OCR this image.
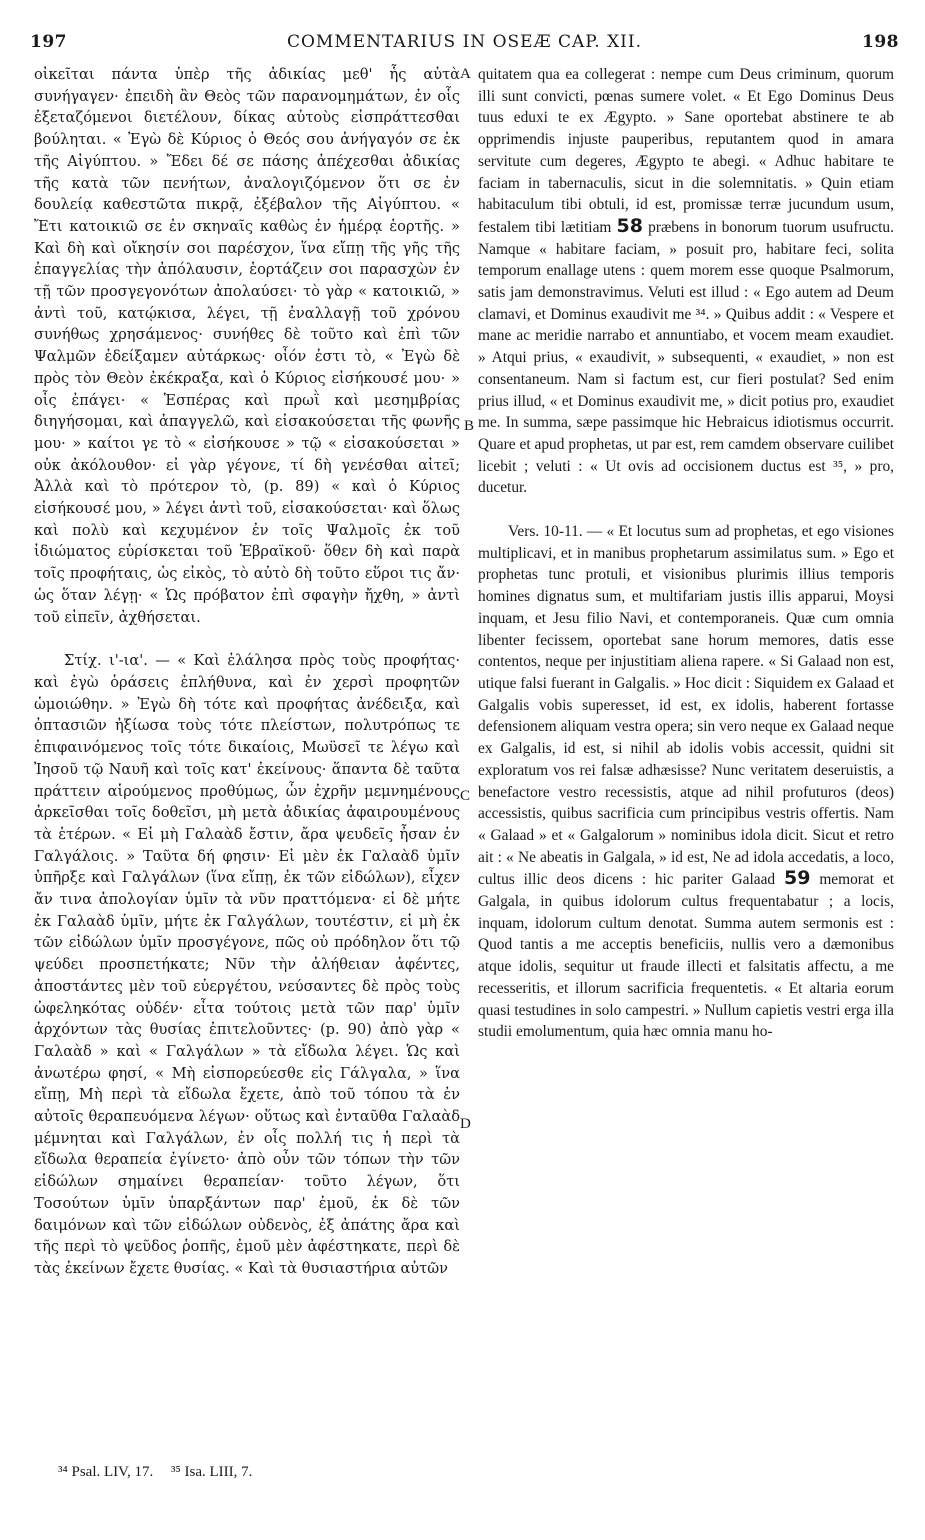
197	COMMENTARIUS IN OSEÆ CAP. XII.	198

οἰκεῖται πάντα ὑπὲρ τῆς ἀδικίας μεθ' ἧς αὐτὰ συνήγαγεν· ἐπειδὴ ἂν Θεὸς τῶν παρανομημάτων, ἐν οἷς ἐξεταζόμενοι διετέλουν, δίκας αὐτοὺς εἰσπράττεσθαι βούληται. « Ἐγὼ δὲ Κύριος ὁ Θεός σου ἀνήγαγόν σε ἐκ τῆς Αἰγύπτου. » Ἔδει δέ σε πάσης ἀπέχεσθαι ἀδικίας τῆς κατὰ τῶν πενήτων, ἀναλογιζόμενον ὅτι σε ἐν δουλείᾳ καθεστῶτα πικρᾷ, ἐξέβαλον τῆς Αἰγύπτου. « Ἔτι κατοικιῶ σε ἐν σκηναῖς καθὼς ἐν ἡμέρᾳ ἑορτῆς. » Καὶ δὴ καὶ οἴκησίν σοι παρέσχον, ἵνα εἴπῃ τῆς γῆς τῆς ἐπαγγελίας τὴν ἀπόλαυσιν, ἑορτάζειν σοι παρασχὼν ἐν τῇ τῶν προσγεγονότων ἀπολαύσει· τὸ γὰρ « κατοικιῶ, » ἀντὶ τοῦ, κατῴκισα, λέγει, τῇ ἐναλλαγῇ τοῦ χρόνου συνήθως χρησάμενος· συνήθες δὲ τοῦτο καὶ ἐπὶ τῶν Ψαλμῶν ἐδείξαμεν αὐτάρκως· οἷόν ἐστι τὸ, « Ἐγὼ δὲ πρὸς τὸν Θεὸν ἐκέκραξα, καὶ ὁ Κύριος εἰσήκουσέ μου· » οἷς ἐπάγει· « Ἑσπέρας καὶ πρωῒ καὶ μεσημβρίας διηγήσομαι, καὶ ἀπαγγελῶ, καὶ εἰσακούσεται τῆς φωνῆς μου· » καίτοι γε τὸ « εἰσήκουσε » τῷ « εἰσακούσεται » οὐκ ἀκόλουθον· εἰ γὰρ γέγονε, τί δὴ γενέσθαι αἰτεῖ; Ἀλλὰ καὶ τὸ πρότερον τὸ, (p. 89) « καὶ ὁ Κύριος εἰσήκουσέ μου, » λέγει ἀντὶ τοῦ, εἰσακούσεται· καὶ ὅλως καὶ πολὺ καὶ κεχυμένον ἐν τοῖς Ψαλμοῖς ἐκ τοῦ ἰδιώματος εὑρίσκεται τοῦ Ἑβραϊκοῦ· ὅθεν δὴ καὶ παρὰ τοῖς προφήταις, ὡς εἰκὸς, τὸ αὐτὸ δὴ τοῦτο εὕροι τις ἄν· ὡς ὅταν λέγῃ· « Ὡς πρόβατον ἐπὶ σφαγὴν ἤχθη, » ἀντὶ τοῦ εἰπεῖν, ἀχθήσεται.

Στίχ. ι'-ια'. — « Καὶ ἐλάλησα πρὸς τοὺς προφήτας· καὶ ἐγὼ ὁράσεις ἐπλήθυνα, καὶ ἐν χερσὶ προφητῶν ὡμοιώθην. » Ἐγὼ δὴ τότε καὶ προφήτας ἀνέδειξα, καὶ ὀπτασιῶν ἠξίωσα τοὺς τότε πλείστων, πολυτρόπως τε ἐπιφαινόμενος τοῖς τότε δικαίοις, Μωϋσεῖ τε λέγω καὶ Ἰησοῦ τῷ Ναυῆ καὶ τοῖς κατ' ἐκείνους· ἅπαντα δὲ ταῦτα πράττειν αἱρούμενος προθύμως, ὧν ἐχρῆν μεμνημένους ἀρκεῖσθαι τοῖς δοθεῖσι, μὴ μετὰ ἀδικίας ἀφαιρουμένους τὰ ἑτέρων. « Εἰ μὴ Γαλαὰδ ἔστιν, ἄρα ψευδεῖς ἦσαν ἐν Γαλγάλοις. » Ταῦτα δή φησιν· Εἰ μὲν ἐκ Γαλαὰδ ὑμῖν ὑπῆρξε καὶ Γαλγάλων (ἵνα εἴπῃ, ἐκ τῶν εἰδώλων), εἶχεν ἄν τινα ἀπολογίαν ὑμῖν τὰ νῦν πραττόμενα· εἰ δὲ μήτε ἐκ Γαλαὰδ ὑμῖν, μήτε ἐκ Γαλγάλων, τουτέστιν, εἰ μὴ ἐκ τῶν εἰδώλων ὑμῖν προσγέγονε, πῶς οὐ πρόδηλον ὅτι τῷ ψεύδει προσπετήκατε; Νῦν τὴν ἀλήθειαν ἀφέντες, ἀποστάντες μὲν τοῦ εὐεργέτου, νεύσαντες δὲ πρὸς τοὺς ὠφεληκότας οὐδέν· εἶτα τούτοις μετὰ τῶν παρ' ὑμῖν ἀρχόντων τὰς θυσίας ἐπιτελοῦντες· (p. 90) ἀπὸ γὰρ « Γαλαὰδ » καὶ « Γαλγάλων » τὰ εἴδωλα λέγει. Ὡς καὶ ἀνωτέρω φησί, « Μὴ εἰσπορεύεσθε εἰς Γάλγαλα, » ἵνα εἴπῃ, Μὴ περὶ τὰ εἴδωλα ἔχετε, ἀπὸ τοῦ τόπου τὰ ἐν αὐτοῖς θεραπευόμενα λέγων· οὕτως καὶ ἐνταῦθα Γαλαὰδ μέμνηται καὶ Γαλγάλων, ἐν οἷς πολλή τις ἡ περὶ τὰ εἴδωλα θεραπεία ἐγίνετο· ἀπὸ οὖν τῶν τόπων τὴν τῶν εἰδώλων σημαίνει θεραπείαν· τοῦτο λέγων, ὅτι Τοσούτων ὑμῖν ὑπαρξάντων παρ' ἐμοῦ, ἐκ δὲ τῶν δαιμόνων καὶ τῶν εἰδώλων οὐδενὸς, ἐξ ἀπάτης ἄρα καὶ τῆς περὶ τὸ ψεῦδος ῥοπῆς, ἐμοῦ μὲν ἀφέστηκατε, περὶ δὲ τὰς ἐκείνων ἔχετε θυσίας. « Καὶ τὰ θυσιαστήρια αὐτῶν

quitatem qua ea collegerat : nempe cum Deus criminum, quorum illi sunt convicti, pœnas sumere volet. « Et Ego Dominus Deus tuus eduxi te ex Ægypto. » Sane oportebat abstinere te ab opprimendis injuste pauperibus, reputantem quod in amara servitute cum degeres, Ægypto te abegi. « Adhuc habitare te faciam in tabernaculis, sicut in die solemnitatis. » Quin etiam habitaculum tibi obtuli, id est, promissæ terræ jucundum usum, festalem tibi lætitiam 58 præbens in bonorum tuorum usufructu. Namque « habitare faciam, » posuit pro, habitare feci, solita temporum enallage utens : quem morem esse quoque Psalmorum, satis jam demonstravimus. Veluti est illud : « Ego autem ad Deum clamavi, et Dominus exaudivit me ³⁴. » Quibus addit : « Vespere et mane ac meridie narrabo et annuntiabo, et vocem meam exaudiet. » Atqui prius, « exaudivit, » subsequenti, « exaudiet, » non est consentaneum. Nam si factum est, cur fieri postulat? Sed enim prius illud, « et Dominus exaudivit me, » dicit potius pro, exaudiet me. In summa, sæpe passimque hic Hebraicus idiotismus occurrit. Quare et apud prophetas, ut par est, rem camdem observare cuilibet licebit ; veluti : « Ut ovis ad occisionem ductus est ³⁵, » pro, ducetur.

Vers. 10-11. — « Et locutus sum ad prophetas, et ego visiones multiplicavi, et in manibus prophetarum assimilatus sum. » Ego et prophetas tunc protuli, et visionibus plurimis illius temporis homines dignatus sum, et multifariam justis illis apparui, Moysi inquam, et Jesu filio Navi, et contemporaneis. Quæ cum omnia libenter fecissem, oportebat sane horum memores, datis esse contentos, neque per injustitiam aliena rapere. « Si Galaad non est, utique falsi fuerant in Galgalis. » Hoc dicit : Siquidem ex Galaad et Galgalis vobis superesset, id est, ex idolis, haberent fortasse defensionem aliquam vestra opera; sin vero neque ex Galaad neque ex Galgalis, id est, si nihil ab idolis vobis accessit, quidni sit exploratum vos rei falsæ adhæsisse? Nunc veritatem deseruistis, a benefactore vestro recessistis, atque ad nihil profuturos (deos) accessistis, quibus sacrificia cum principibus vestris offertis. Nam « Galaad » et « Galgalorum » nominibus idola dicit. Sicut et retro ait : « Ne abeatis in Galgala, » id est, Ne ad idola accedatis, a loco, cultus illic deos dicens : hic pariter Galaad 59 memorat et Galgala, in quibus idolorum cultus frequentabatur ; a locis, inquam, idolorum cultum denotat. Summa autem sermonis est : Quod tantis a me acceptis beneficiis, nullis vero a dæmonibus atque idolis, sequitur ut fraude illecti et falsitatis affectu, a me recesseritis, et illorum sacrificia frequentetis. « Et altaria eorum quasi testudines in solo campestri. » Nullum capietis vestri erga illa studii emolumentum, quia hæc omnia manu ho-

A
B
C
D
³⁴ Psal. LIV, 17. ³⁵ Isa. LIII, 7.
